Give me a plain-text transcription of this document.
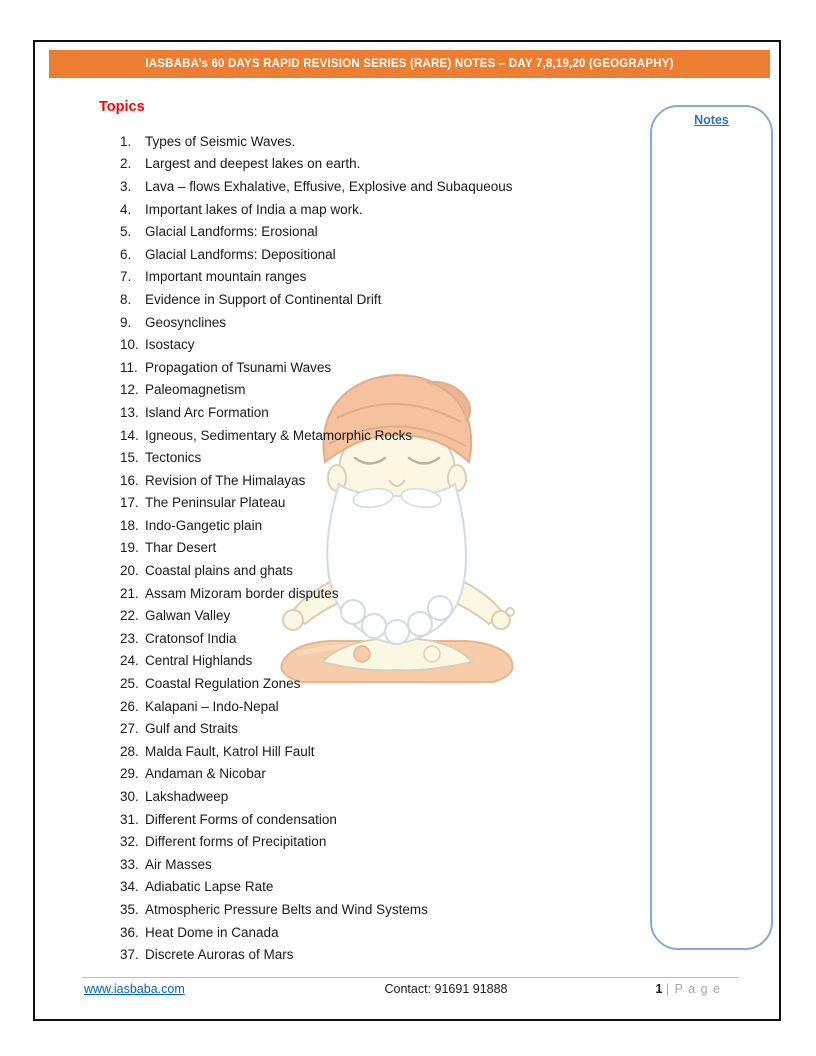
IASBABA’s 60 DAYS RAPID REVISION SERIES (RARE) NOTES – DAY 7,8,19,20 (GEOGRAPHY)
Topics
1.	Types of Seismic Waves.
2.	Largest and deepest lakes on earth.
3.	Lava – flows Exhalative, Effusive, Explosive and Subaqueous
4.	Important lakes of India a map work.
5.	Glacial Landforms: Erosional
6.	Glacial Landforms: Depositional
7.	Important mountain ranges
8.	Evidence in Support of Continental Drift
9.	Geosynclines
10. Isostacy
11. Propagation of Tsunami Waves
12. Paleomagnetism
13. Island Arc Formation
14. Igneous, Sedimentary & Metamorphic Rocks
15. Tectonics
16. Revision of The Himalayas
17. The Peninsular Plateau
18. Indo-Gangetic plain
19. Thar Desert
20. Coastal plains and ghats
21. Assam Mizoram border disputes
22. Galwan Valley
23. Cratonsof India
24. Central Highlands
25. Coastal Regulation Zones
26. Kalapani – Indo-Nepal
27. Gulf and Straits
28. Malda Fault, Katrol Hill Fault
29. Andaman & Nicobar
30. Lakshadweep
31. Different Forms of condensation
32. Different forms of Precipitation
33. Air Masses
34. Adiabatic Lapse Rate
35. Atmospheric Pressure Belts and Wind Systems
36. Heat Dome in Canada
37. Discrete Auroras of Mars
Notes
www.iasbaba.com	Contact: 91691 91888	1 | P a g e
